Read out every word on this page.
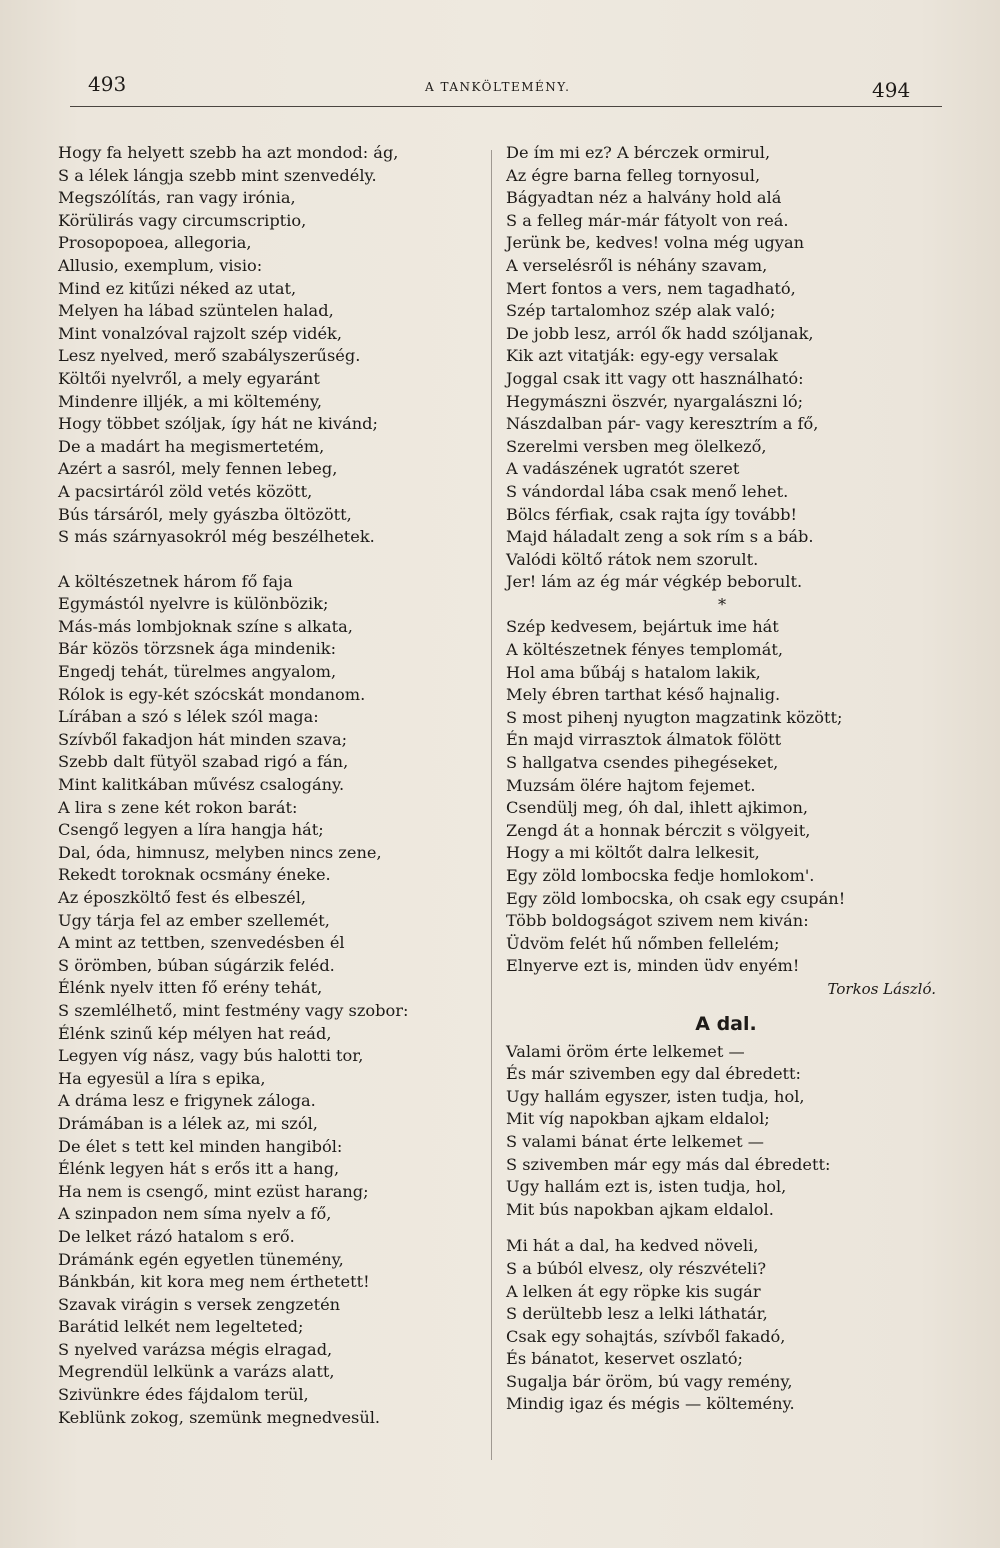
493	A TANKÖLTEMÉNY.	494
Hogy fa helyett szebb ha azt mondod: ág,
S a lélek lángja szebb mint szenvedély.
Megszólítás, ran vagy irónia,
Körülirás vagy circumscriptio,
Prosopopoea, allegoria,
Allusio, exemplum, visio:
Mind ez kitűzi néked az utat,
Melyen ha lábad szüntelen halad,
Mint vonalzóval rajzolt szép vidék,
Lesz nyelved, merő szabályszerűség.
Költői nyelvről, a mely egyaránt
Mindenre illjék, a mi költemény,
Hogy többet szóljak, így hát ne kivánd;
De a madárt ha megismertetém,
Azért a sasról, mely fennen lebeg,
A pacsirtáról zöld vetés között,
Bús társáról, mely gyászba öltözött,
S más szárnyasokról még beszélhetek.
A költészetnek három fő faja
Egymástól nyelvre is különbözik;
Más-más lombjoknak színe s alkata,
Bár közös törzsnek ága mindenik:
Engedj tehát, türelmes angyalom,
Rólok is egy-két szócskát mondanom.
Lírában a szó s lélek szól maga:
Szívből fakadjon hát minden szava;
Szebb dalt fütyöl szabad rigó a fán,
Mint kalitkában művész csalogány.
A lira s zene két rokon barát:
Csengő legyen a líra hangja hát;
Dal, óda, himnusz, melyben nincs zene,
Rekedt toroknak ocsmány éneke.
Az époszköltő fest és elbeszél,
Ugy tárja fel az ember szellemét,
A mint az tettben, szenvedésben él
S örömben, búban súgárzik feléd.
Élénk nyelv itten fő erény tehát,
S szemlélhető, mint festmény vagy szobor:
Élénk szinű kép mélyen hat reád,
Legyen víg nász, vagy bús halotti tor,
Ha egyesül a líra s epika,
A dráma lesz e frigynek záloga.
Drámában is a lélek az, mi szól,
De élet s tett kel minden hangiból:
Élénk legyen hát s erős itt a hang,
Ha nem is csengő, mint ezüst harang;
A szinpadon nem síma nyelv a fő,
De lelket rázó hatalom s erő.
Drámánk egén egyetlen tünemény,
Bánkbán, kit kora meg nem érthetett!
Szavak virágin s versek zengzetén
Barátid lelkét nem legelteted;
S nyelved varázsa mégis elragad,
Megrendül lelkünk a varázs alatt,
Szivünkre édes fájdalom terül,
Keblünk zokog, szemünk megnedvesül.
De ím mi ez? A bérczek ormirul,
Az égre barna felleg tornyosul,
Bágyadtan néz a halvány hold alá
S a felleg már-már fátyolt von reá.
Jerünk be, kedves! volna még ugyan
A verselésről is néhány szavam,
Mert fontos a vers, nem tagadható,
Szép tartalomhoz szép alak való;
De jobb lesz, arról ők hadd szóljanak,
Kik azt vitatják: egy-egy versalak
Joggal csak itt vagy ott használható:
Hegymászni öszvér, nyargalászni ló;
Nászdalban pár- vagy keresztrím a fő,
Szerelmi versben meg ölelkező,
A vadászének ugratót szeret
S vándordal lába csak menő lehet.
Bölcs férfiak, csak rajta így tovább!
Majd háladalt zeng a sok rím s a báb.
Valódi költő rátok nem szorult.
Jer! lám az ég már végkép beborult.
*
Szép kedvesem, bejártuk ime hát
A költészetnek fényes templomát,
Hol ama bűbáj s hatalom lakik,
Mely ébren tarthat késő hajnalig.
S most pihenj nyugton magzatink között;
Én majd virrasztok álmatok fölött
S hallgatva csendes pihegéseket,
Muzsám ölére hajtom fejemet.
Csendülj meg, óh dal, ihlett ajkimon,
Zengd át a honnak bérczit s völgyeit,
Hogy a mi költőt dalra lelkesit,
Egy zöld lombocska fedje homlokom'.
Egy zöld lombocska, oh csak egy csupán!
Több boldogságot szivem nem kiván:
Üdvöm felét hű nőmben fellelém;
Elnyerve ezt is, minden üdv enyém!
Torkos László.
A dal.
Valami öröm érte lelkemet —
És már szivemben egy dal ébredett:
Ugy hallám egyszer, isten tudja, hol,
Mit víg napokban ajkam eldalol;
S valami bánat érte lelkemet —
S szivemben már egy más dal ébredett:
Ugy hallám ezt is, isten tudja, hol,
Mit bús napokban ajkam eldalol.
Mi hát a dal, ha kedved növeli,
S a búból elvesz, oly részvételi?
A lelken át egy röpke kis sugár
S derültebb lesz a lelki láthatár,
Csak egy sohajtás, szívből fakadó,
És bánatot, keservet oszlató;
Sugalja bár öröm, bú vagy remény,
Mindig igaz és mégis — költemény.
